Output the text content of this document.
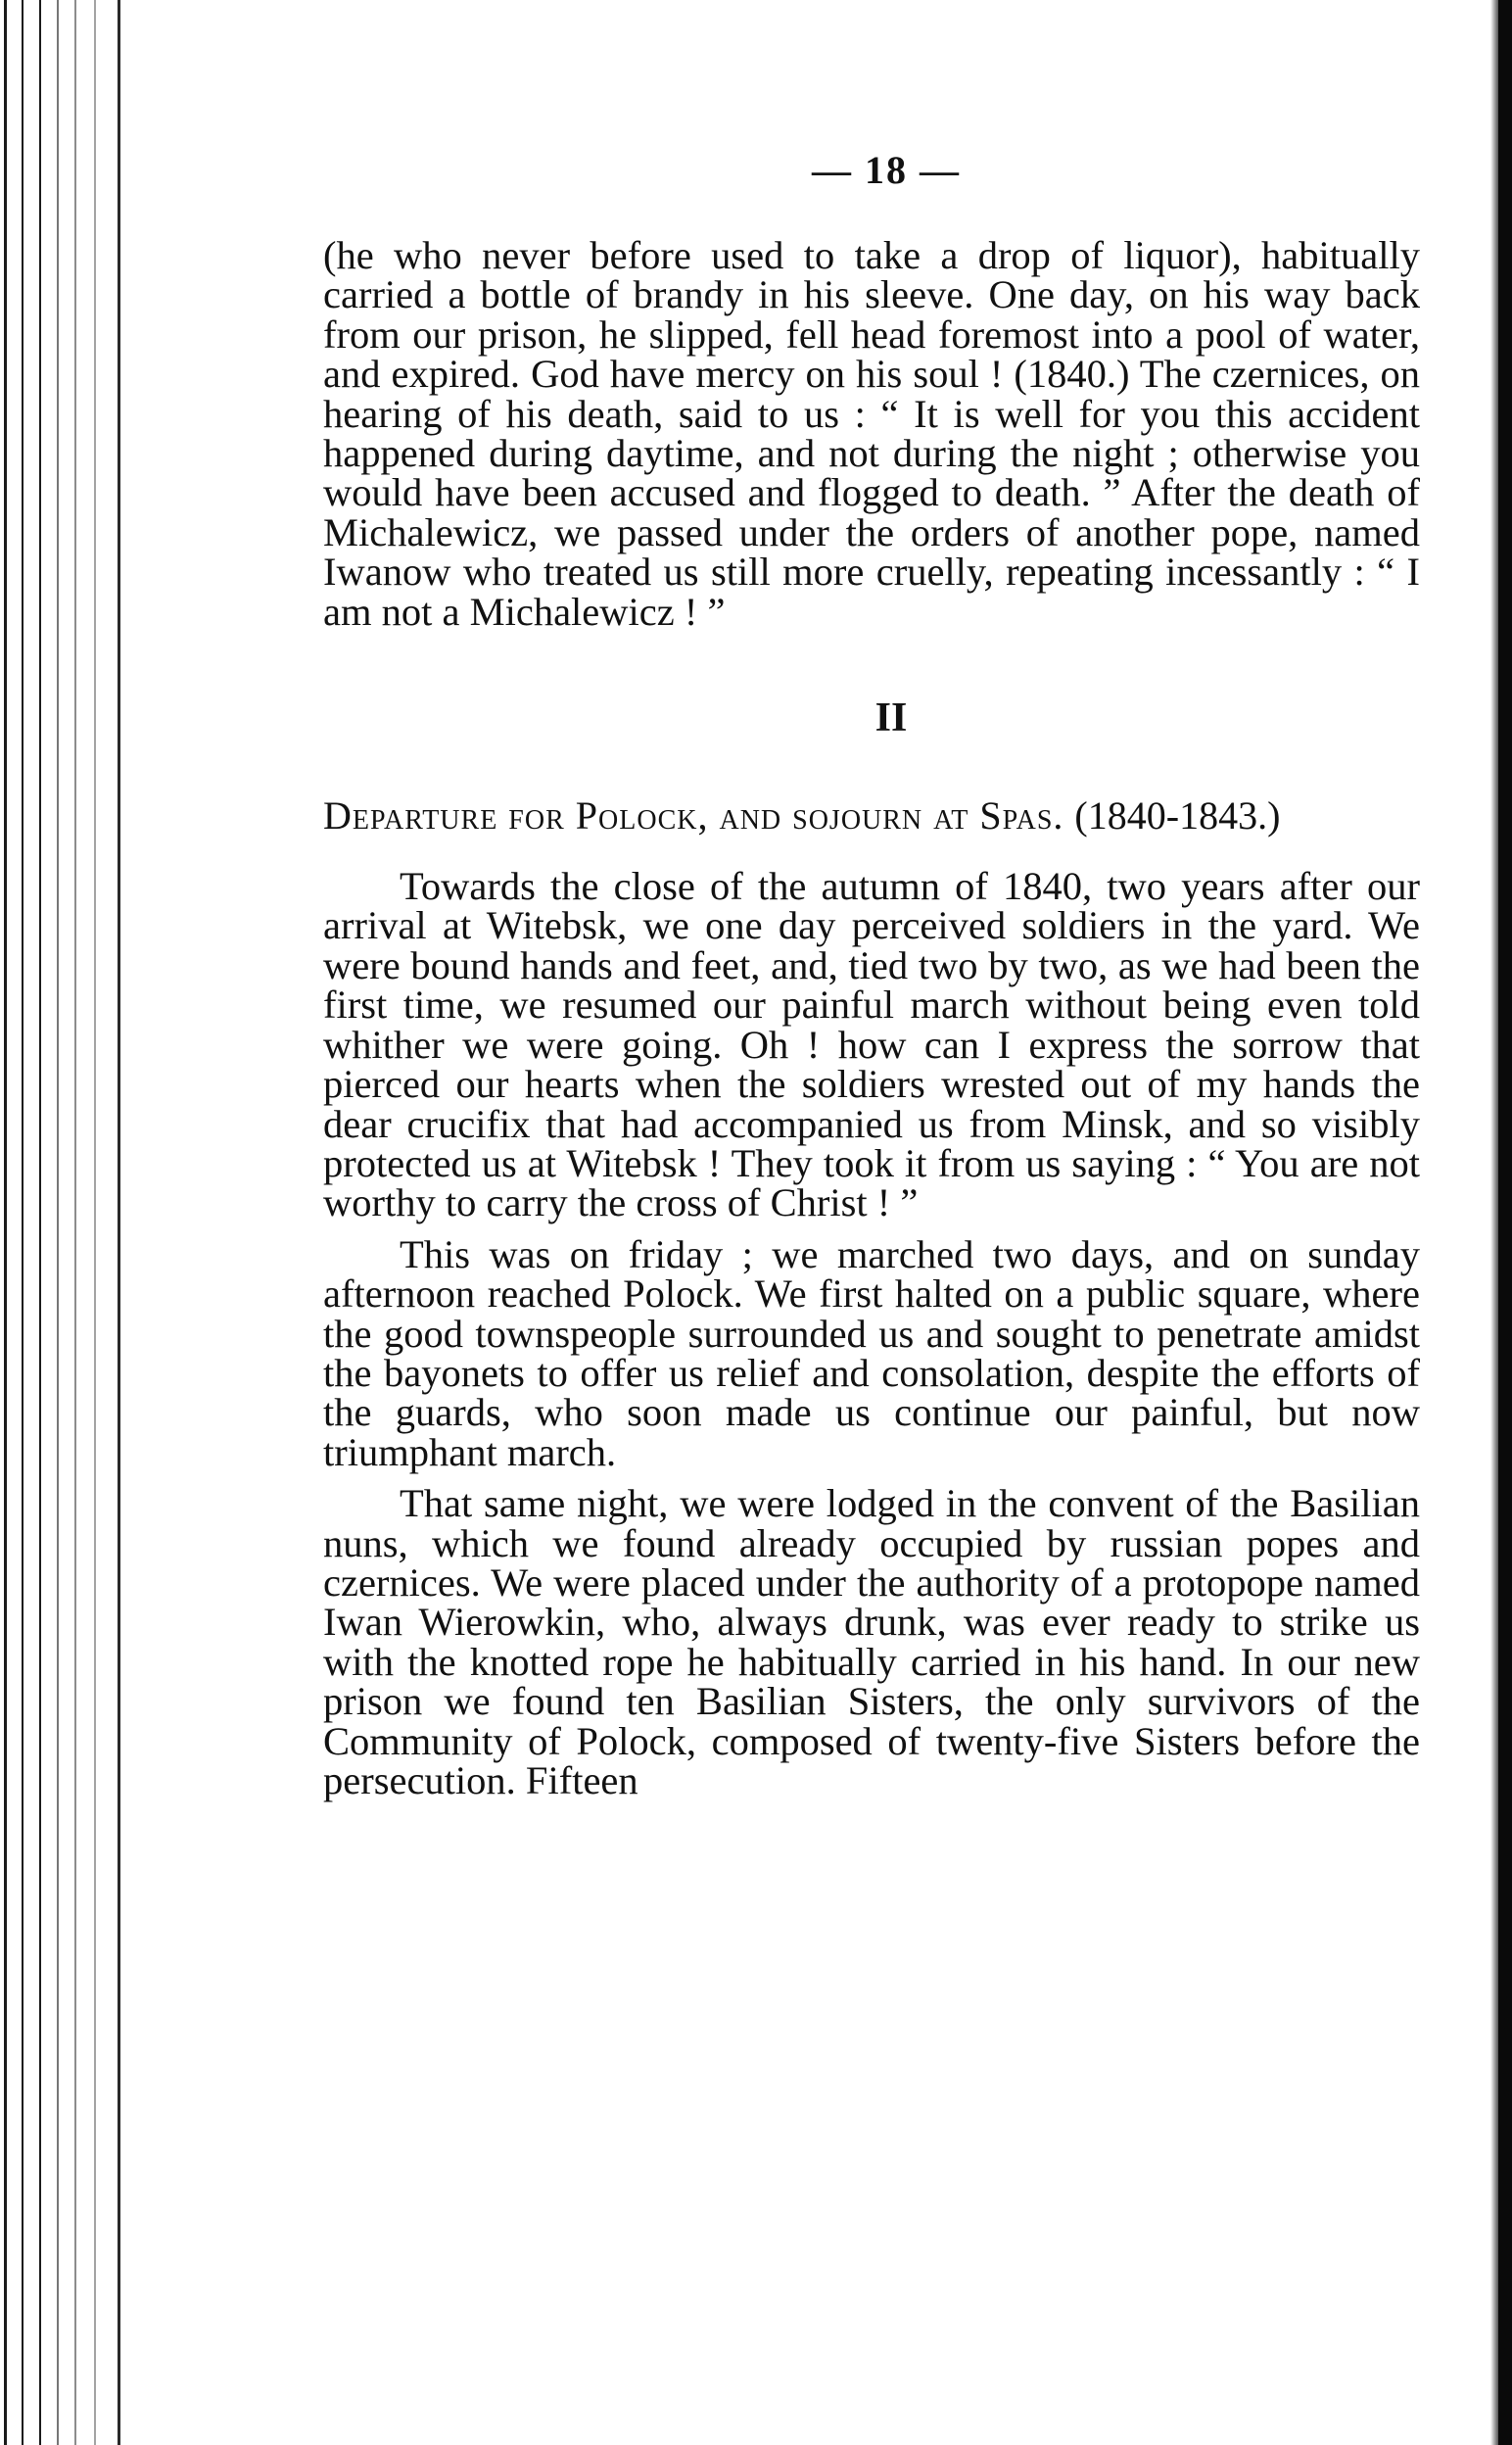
— 18 —

(he who never before used to take a drop of liquor), habitually carried a bottle of brandy in his sleeve. One day, on his way back from our prison, he slipped, fell head foremost into a pool of water, and expired. God have mercy on his soul ! (1840.) The czernices, on hearing of his death, said to us : “ It is well for you this accident happened during daytime, and not during the night ; otherwise you would have been accused and flogged to death. ” After the death of Michalewicz, we passed under the orders of another pope, named Iwanow who treated us still more cruelly, repeating incessantly : “ I am not a Michalewicz ! ”

II
Departure for Polock, and sojourn at Spas. (1840-1843.)

Towards the close of the autumn of 1840, two years after our arrival at Witebsk, we one day perceived soldiers in the yard. We were bound hands and feet, and, tied two by two, as we had been the first time, we resumed our painful march without being even told whither we were going. Oh ! how can I express the sorrow that pierced our hearts when the soldiers wrested out of my hands the dear crucifix that had accompanied us from Minsk, and so visibly protected us at Witebsk ! They took it from us saying : “ You are not worthy to carry the cross of Christ ! ”

This was on friday ; we marched two days, and on sunday afternoon reached Polock. We first halted on a public square, where the good townspeople surrounded us and sought to penetrate amidst the bayonets to offer us relief and consolation, despite the efforts of the guards, who soon made us continue our painful, but now triumphant march.

That same night, we were lodged in the convent of the Basilian nuns, which we found already occupied by russian popes and czernices. We were placed under the authority of a protopope named Iwan Wierowkin, who, always drunk, was ever ready to strike us with the knotted rope he habitually carried in his hand. In our new prison we found ten Basilian Sisters, the only survivors of the Community of Polock, composed of twenty-five Sisters before the persecution. Fifteen
